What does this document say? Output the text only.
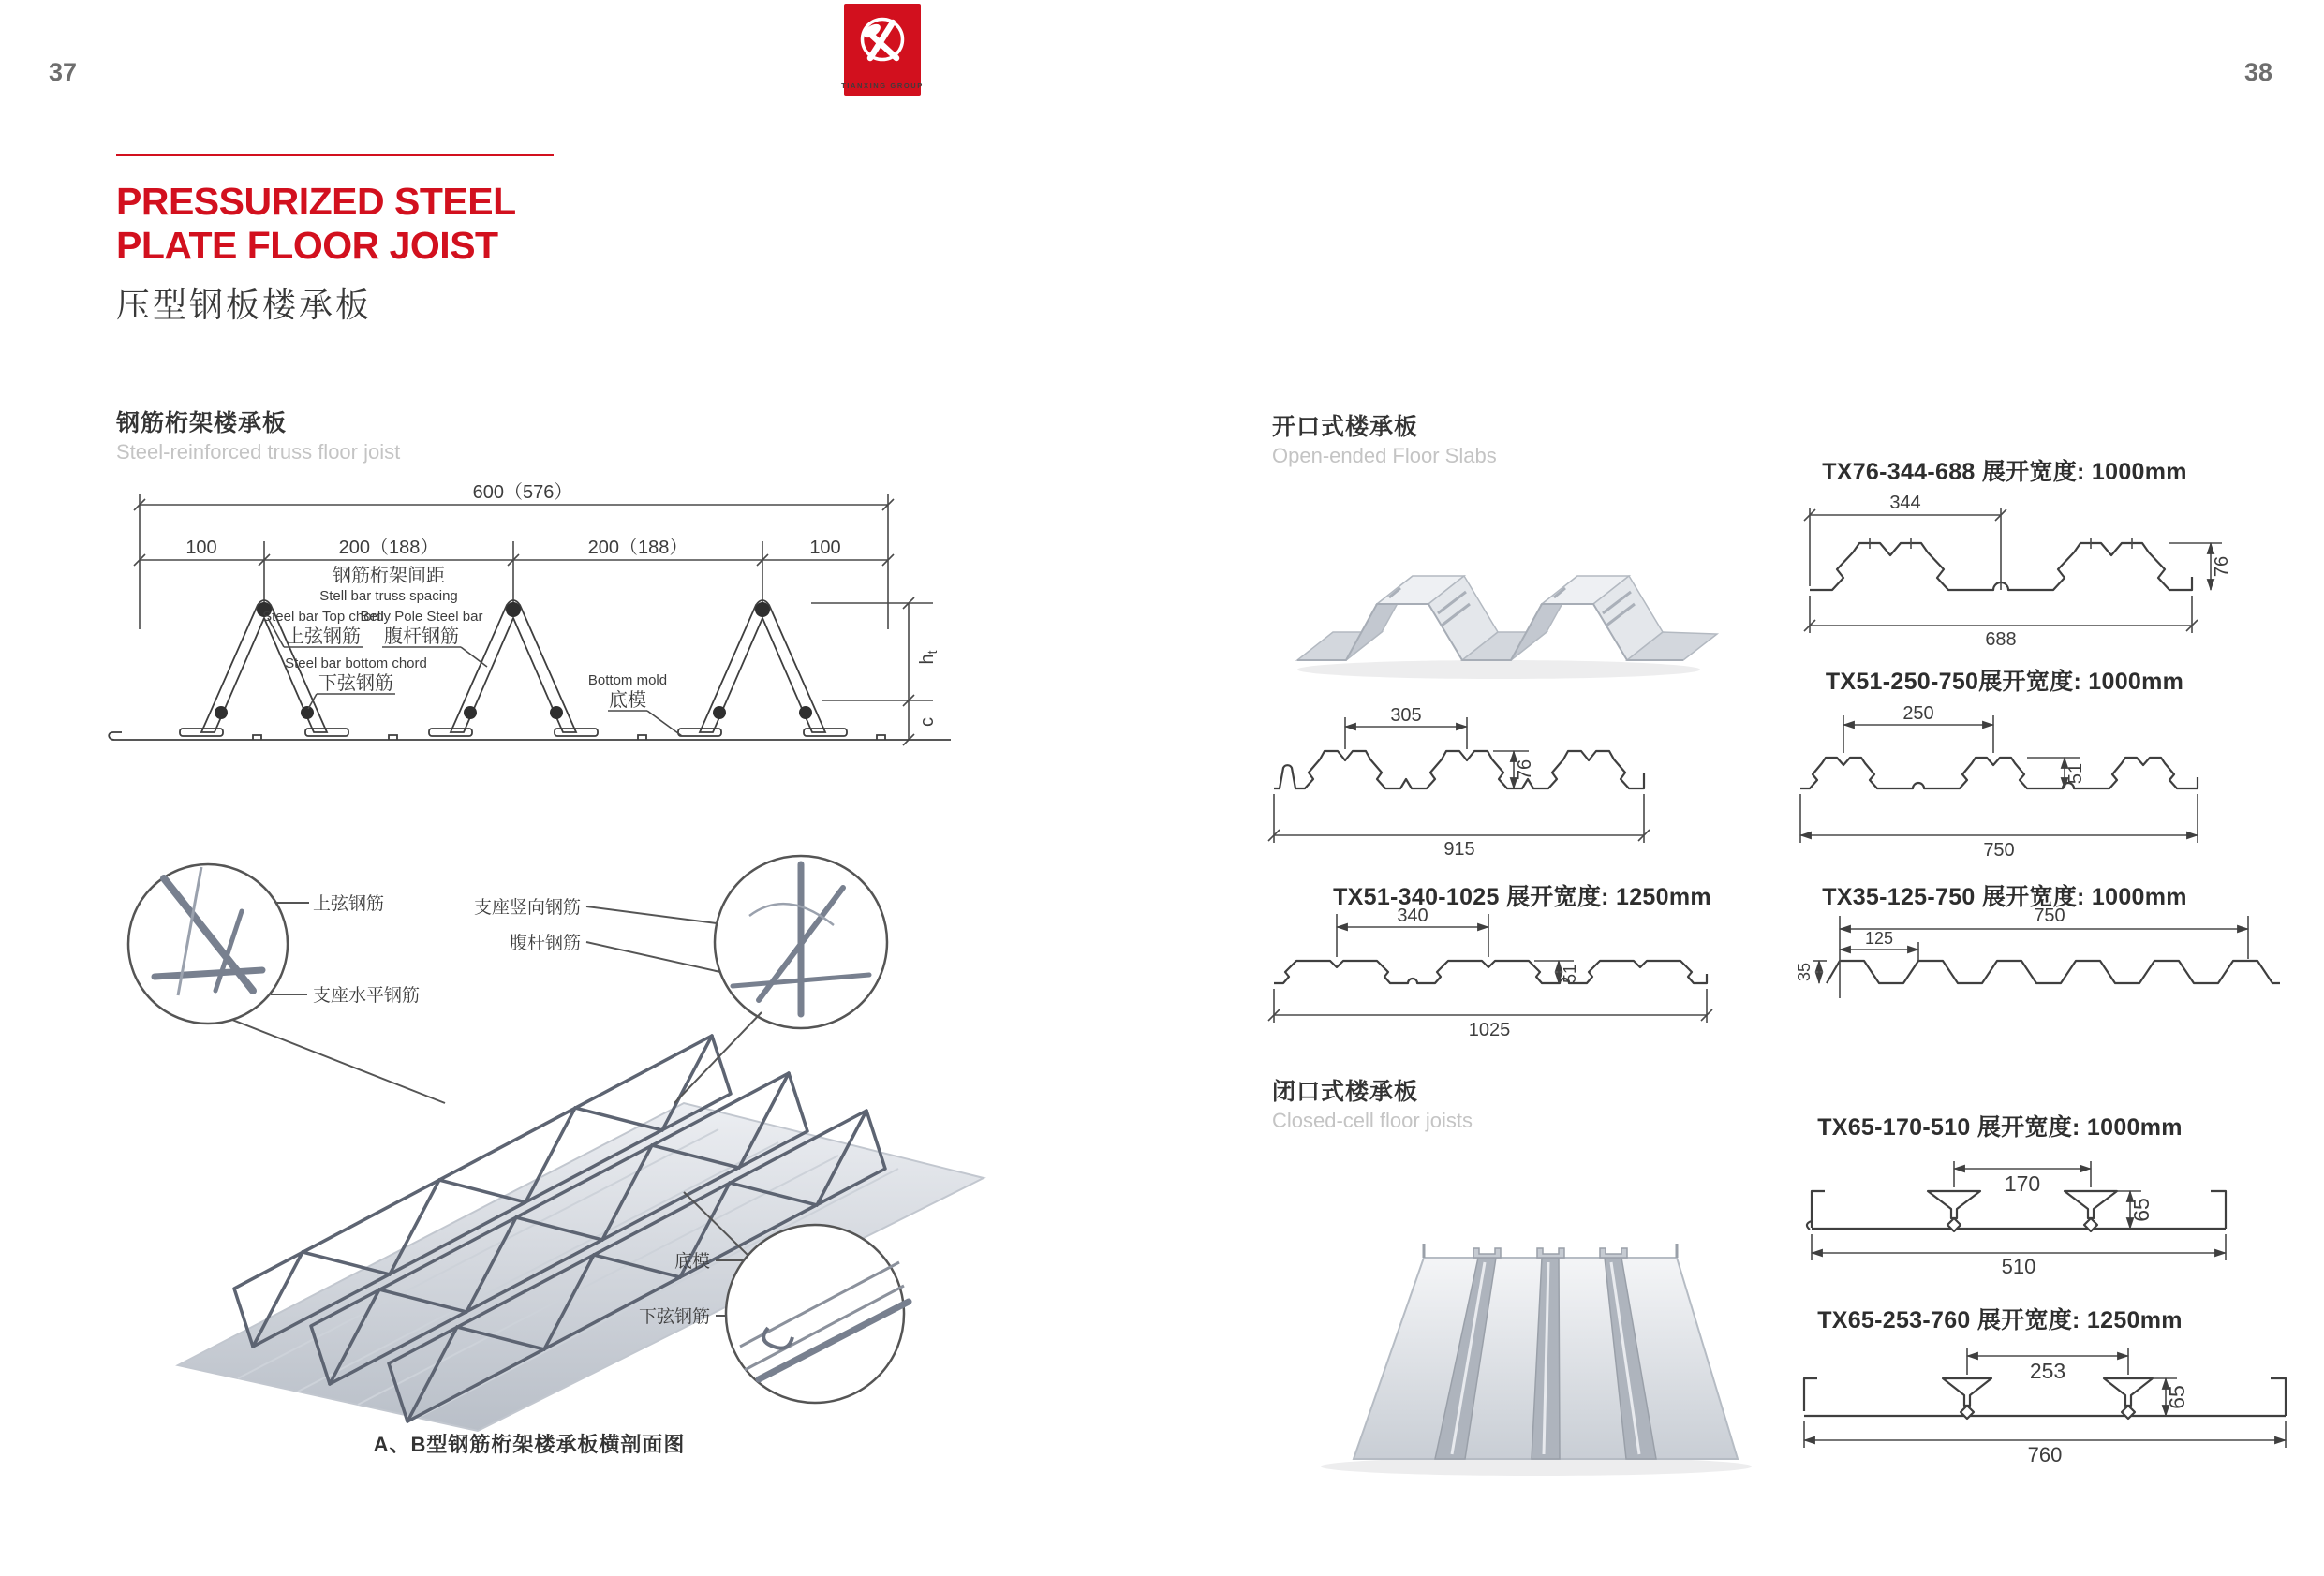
37	38
TIANXING GROUP
PRESSURIZED STEEL
PLATE FLOOR JOIST
压型钢板楼承板
钢筋桁架楼承板
Steel-reinforced truss floor joist
600（576）
100	200（188）	200（188）	100
钢筋桁架间距
Stell bar truss spacing
Steel bar Top chord
上弦钢筋
Belly Pole Steel bar
腹杆钢筋
Steel bar bottom chord
下弦钢筋	Bottom mold
底模
$h_t$
c
上弦钢筋
支座水平钢筋
支座竖向钢筋
腹杆钢筋
底模
下弦钢筋
A、B型钢筋桁架楼承板横剖面图
开口式楼承板
Open-ended Floor Slabs
TX76-344-688 展开宽度: 1000mm
344
76
688
305
76
915
TX51-250-750展开宽度: 1000mm
250
51
750
TX51-340-1025 展开宽度: 1250mm
340
51
1025
TX35-125-750 展开宽度: 1000mm
750
125
35
闭口式楼承板
Closed-cell floor joists	TX65-170-510 展开宽度: 1000mm
170
65
510
TX65-253-760 展开宽度: 1250mm
253
65
760
